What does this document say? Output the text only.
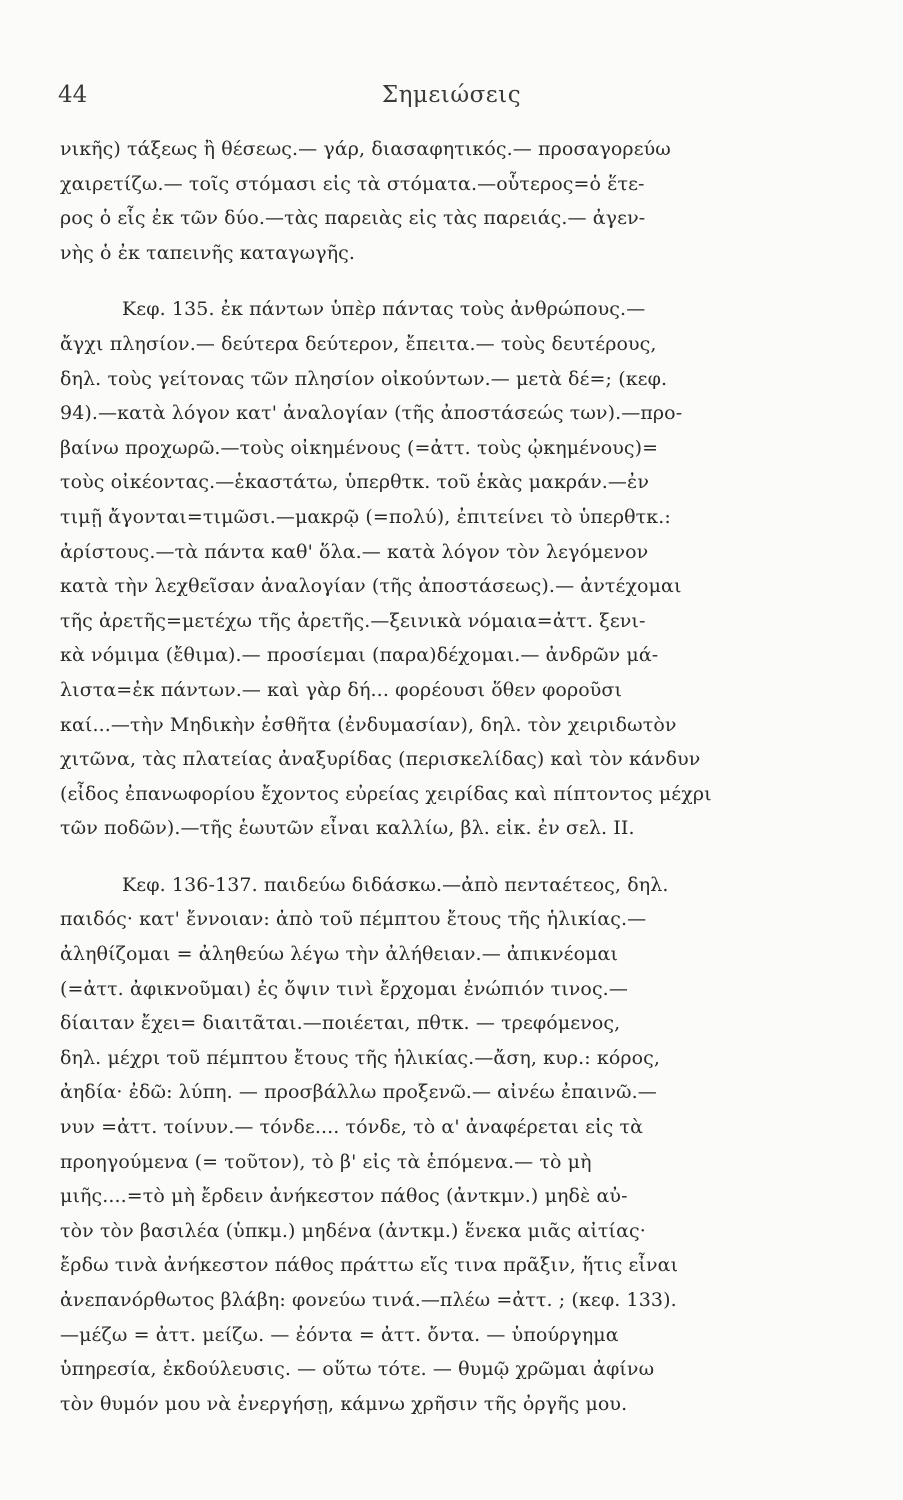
44	Σημειώσεις
νικῆς) τάξεως ἢ θέσεως.— γάρ, διασαφητικός.— προσαγορεύω
χαιρετίζω.— τοῖς στόμασι εἰς τὰ στόματα.—οὗτερος=ὁ ἕτε-
ρος ὁ εἷς ἐκ τῶν δύο.—τὰς παρειὰς εἰς τὰς παρειάς.— ἀγεν-
νὴς ὁ ἐκ ταπεινῆς καταγωγῆς.
Κεφ. 135. ἐκ πάντων ὑπὲρ πάντας τοὺς ἀνθρώπους.—
ἄγχι πλησίον.— δεύτερα δεύτερον, ἔπειτα.— τοὺς δευτέρους,
δηλ. τοὺς γείτονας τῶν πλησίον οἰκούντων.— μετὰ δέ=; (κεφ.
94).—κατὰ λόγον κατ' ἀναλογίαν (τῆς ἀποστάσεώς των).—προ-
βαίνω προχωρῶ.—τοὺς οἰκημένους (=ἀττ. τοὺς ᾠκημένους)=
τοὺς οἰκέοντας.—ἑκαστάτω, ὑπερθτκ. τοῦ ἑκὰς μακράν.—ἐν
τιμῇ ἄγονται=τιμῶσι.—μακρῷ (=πολύ), ἐπιτείνει τὸ ὑπερθτκ.:
ἀρίστους.—τὰ πάντα καθ' ὅλα.— κατὰ λόγον τὸν λεγόμενον
κατὰ τὴν λεχθεῖσαν ἀναλογίαν (τῆς ἀποστάσεως).— ἀντέχομαι
τῆς ἀρετῆς=μετέχω τῆς ἀρετῆς.—ξεινικὰ νόμαια=ἀττ. ξενι-
κὰ νόμιμα (ἔθιμα).— προσίεμαι (παρα)δέχομαι.— ἀνδρῶν μά-
λιστα=ἐκ πάντων.— καὶ γὰρ δή... φορέουσι ὅθεν φοροῦσι
καί...—τὴν Μηδικὴν ἐσθῆτα (ἐνδυμασίαν), δηλ. τὸν χειριδωτὸν
χιτῶνα, τὰς πλατείας ἀναξυρίδας (περισκελίδας) καὶ τὸν κάνδυν
(εἶδος ἐπανωφορίου ἔχοντος εὐρείας χειρίδας καὶ πίπτοντος μέχρι
τῶν ποδῶν).—τῆς ἑωυτῶν εἶναι καλλίω, βλ. εἰκ. ἐν σελ. II.
Κεφ. 136-137. παιδεύω διδάσκω.—ἀπὸ πενταέτεος, δηλ.
παιδός· κατ' ἔννοιαν: ἀπὸ τοῦ πέμπτου ἔτους τῆς ἡλικίας.—
ἀληθίζομαι = ἀληθεύω λέγω τὴν ἀλήθειαν.— ἀπικνέομαι
(=ἀττ. ἀφικνοῦμαι) ἐς ὄψιν τινὶ ἔρχομαι ἐνώπιόν τινος.—
δίαιταν ἔχει= διαιτᾶται.—ποιέεται, πθτκ. — τρεφόμενος,
δηλ. μέχρι τοῦ πέμπτου ἔτους τῆς ἡλικίας.—ἄση, κυρ.: κόρος,
ἀηδία· ἐδῶ: λύπη. — προσβάλλω προξενῶ.— αἰνέω ἐπαινῶ.—
νυν =ἀττ. τοίνυν.— τόνδε.... τόνδε, τὸ α' ἀναφέρεται εἰς τὰ
προηγούμενα (= τοῦτον), τὸ β' εἰς τὰ ἑπόμενα.— τὸ μὴ
μιῆς....=τὸ μὴ ἔρδειν ἀνήκεστον πάθος (ἀντκμν.) μηδὲ αὐ-
τὸν τὸν βασιλέα (ὑπκμ.) μηδένα (ἀντκμ.) ἕνεκα μιᾶς αἰτίας·
ἔρδω τινὰ ἀνήκεστον πάθος πράττω εἴς τινα πρᾶξιν, ἥτις εἶναι
ἀνεπανόρθωτος βλάβη: φονεύω τινά.—πλέω =ἀττ. ; (κεφ. 133).
—μέζω = ἀττ. μείζω. — ἐόντα = ἀττ. ὄντα. — ὑπούργημα
ὑπηρεσία, ἐκδούλευσις. — οὕτω τότε. — θυμῷ χρῶμαι ἀφίνω
τὸν θυμόν μου νὰ ἐνεργήσῃ, κάμνω χρῆσιν τῆς ὀργῆς μου.
